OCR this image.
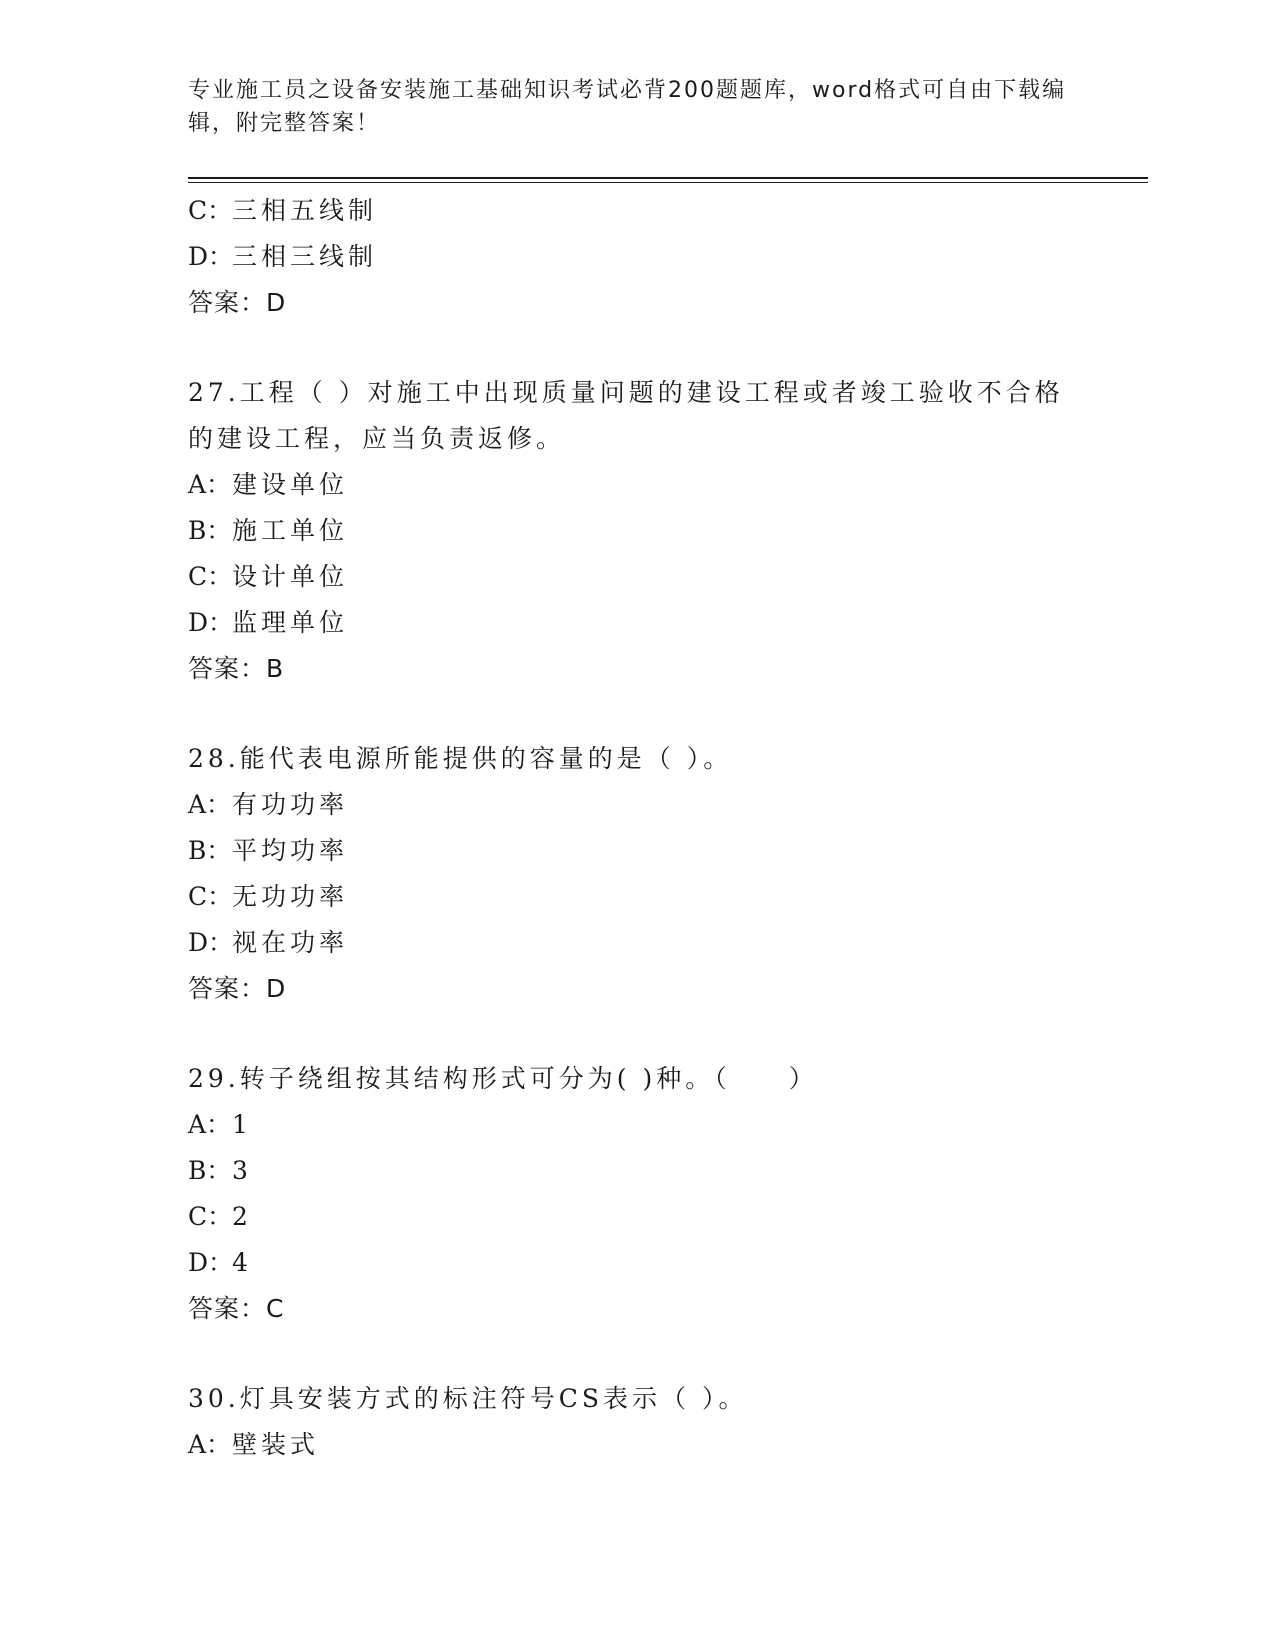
专业施工员之设备安装施工基础知识考试必背200题题库，word格式可自由下载编辑，附完整答案！
C：三相五线制
D：三相三线制
答案：D
27.工程（ ）对施工中出现质量问题的建设工程或者竣工验收不合格的建设工程，应当负责返修。
A：建设单位
B：施工单位
C：设计单位
D：监理单位
答案：B
28.能代表电源所能提供的容量的是（ ）。
A：有功功率
B：平均功率
C：无功功率
D：视在功率
答案：D
29.转子绕组按其结构形式可分为( )种。（　　）
A：1
B：3
C：2
D：4
答案：C
30.灯具安装方式的标注符号CS表示（ ）。
A：壁装式
